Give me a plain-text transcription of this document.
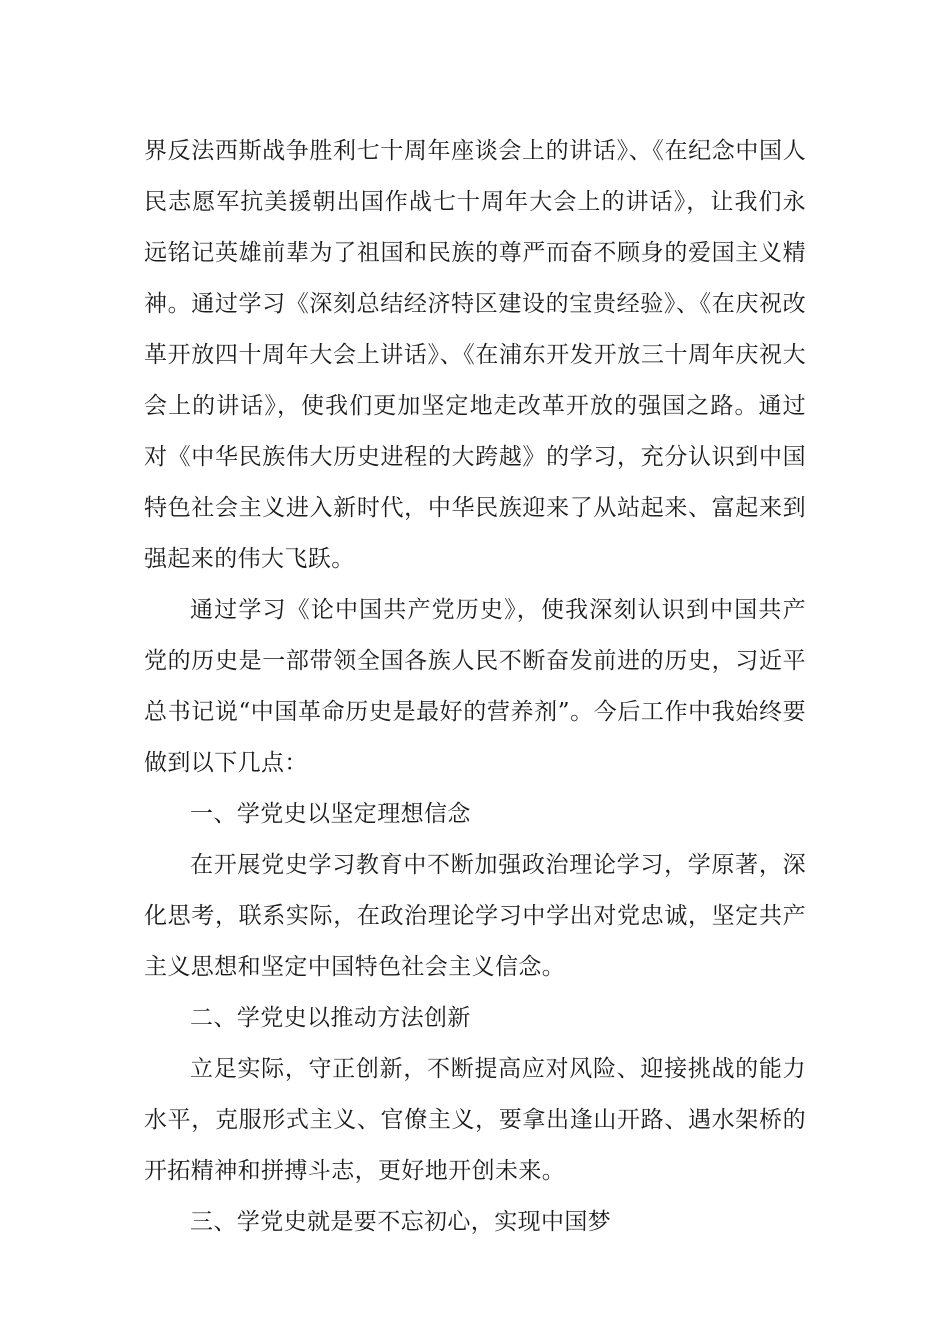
界反法西斯战争胜利七十周年座谈会上的讲话》、《在纪念中国人民志愿军抗美援朝出国作战七十周年大会上的讲话》，让我们永远铭记英雄前辈为了祖国和民族的尊严而奋不顾身的爱国主义精神。通过学习《深刻总结经济特区建设的宝贵经验》、《在庆祝改革开放四十周年大会上讲话》、《在浦东开发开放三十周年庆祝大会上的讲话》，使我们更加坚定地走改革开放的强国之路。通过对《中华民族伟大历史进程的大跨越》的学习，充分认识到中国特色社会主义进入新时代，中华民族迎来了从站起来、富起来到强起来的伟大飞跃。

通过学习《论中国共产党历史》，使我深刻认识到中国共产党的历史是一部带领全国各族人民不断奋发前进的历史，习近平总书记说“中国革命历史是最好的营养剂”。今后工作中我始终要做到以下几点：

一、学党史以坚定理想信念

在开展党史学习教育中不断加强政治理论学习，学原著，深化思考，联系实际，在政治理论学习中学出对党忠诚，坚定共产主义思想和坚定中国特色社会主义信念。

二、学党史以推动方法创新

立足实际，守正创新，不断提高应对风险、迎接挑战的能力水平，克服形式主义、官僚主义，要拿出逢山开路、遇水架桥的开拓精神和拼搏斗志，更好地开创未来。

三、学党史就是要不忘初心，实现中国梦
